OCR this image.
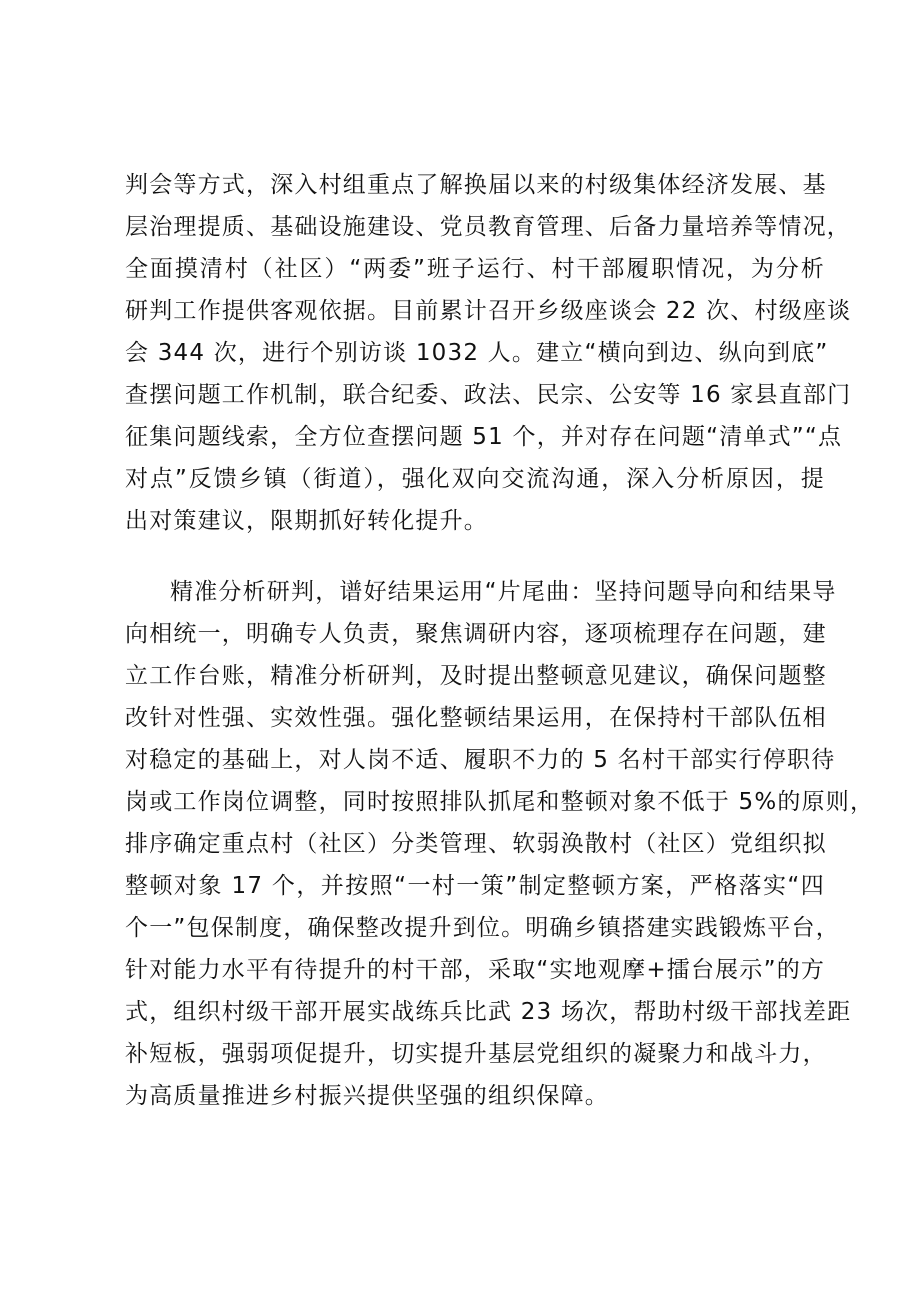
判会等方式，深入村组重点了解换届以来的村级集体经济发展、基
层治理提质、基础设施建设、党员教育管理、后备力量培养等情况，
全面摸清村（社区）“两委”班子运行、村干部履职情况，为分析
研判工作提供客观依据。目前累计召开乡级座谈会 22 次、村级座谈
会 344 次，进行个别访谈 1032 人。建立“横向到边、纵向到底”
查摆问题工作机制，联合纪委、政法、民宗、公安等 16 家县直部门
征集问题线索，全方位查摆问题 51 个，并对存在问题“清单式”“点
对点”反馈乡镇（街道），强化双向交流沟通，深入分析原因，提
出对策建议，限期抓好转化提升。
精准分析研判，谱好结果运用“片尾曲：坚持问题导向和结果导
向相统一，明确专人负责，聚焦调研内容，逐项梳理存在问题，建
立工作台账，精准分析研判，及时提出整顿意见建议，确保问题整
改针对性强、实效性强。强化整顿结果运用，在保持村干部队伍相
对稳定的基础上，对人岗不适、履职不力的 5 名村干部实行停职待
岗或工作岗位调整，同时按照排队抓尾和整顿对象不低于 5%的原则，
排序确定重点村（社区）分类管理、软弱涣散村（社区）党组织拟
整顿对象 17 个，并按照“一村一策”制定整顿方案，严格落实“四
个一”包保制度，确保整改提升到位。明确乡镇搭建实践锻炼平台，
针对能力水平有待提升的村干部，采取“实地观摩+擂台展示”的方
式，组织村级干部开展实战练兵比武 23 场次，帮助村级干部找差距
补短板，强弱项促提升，切实提升基层党组织的凝聚力和战斗力，
为高质量推进乡村振兴提供坚强的组织保障。
